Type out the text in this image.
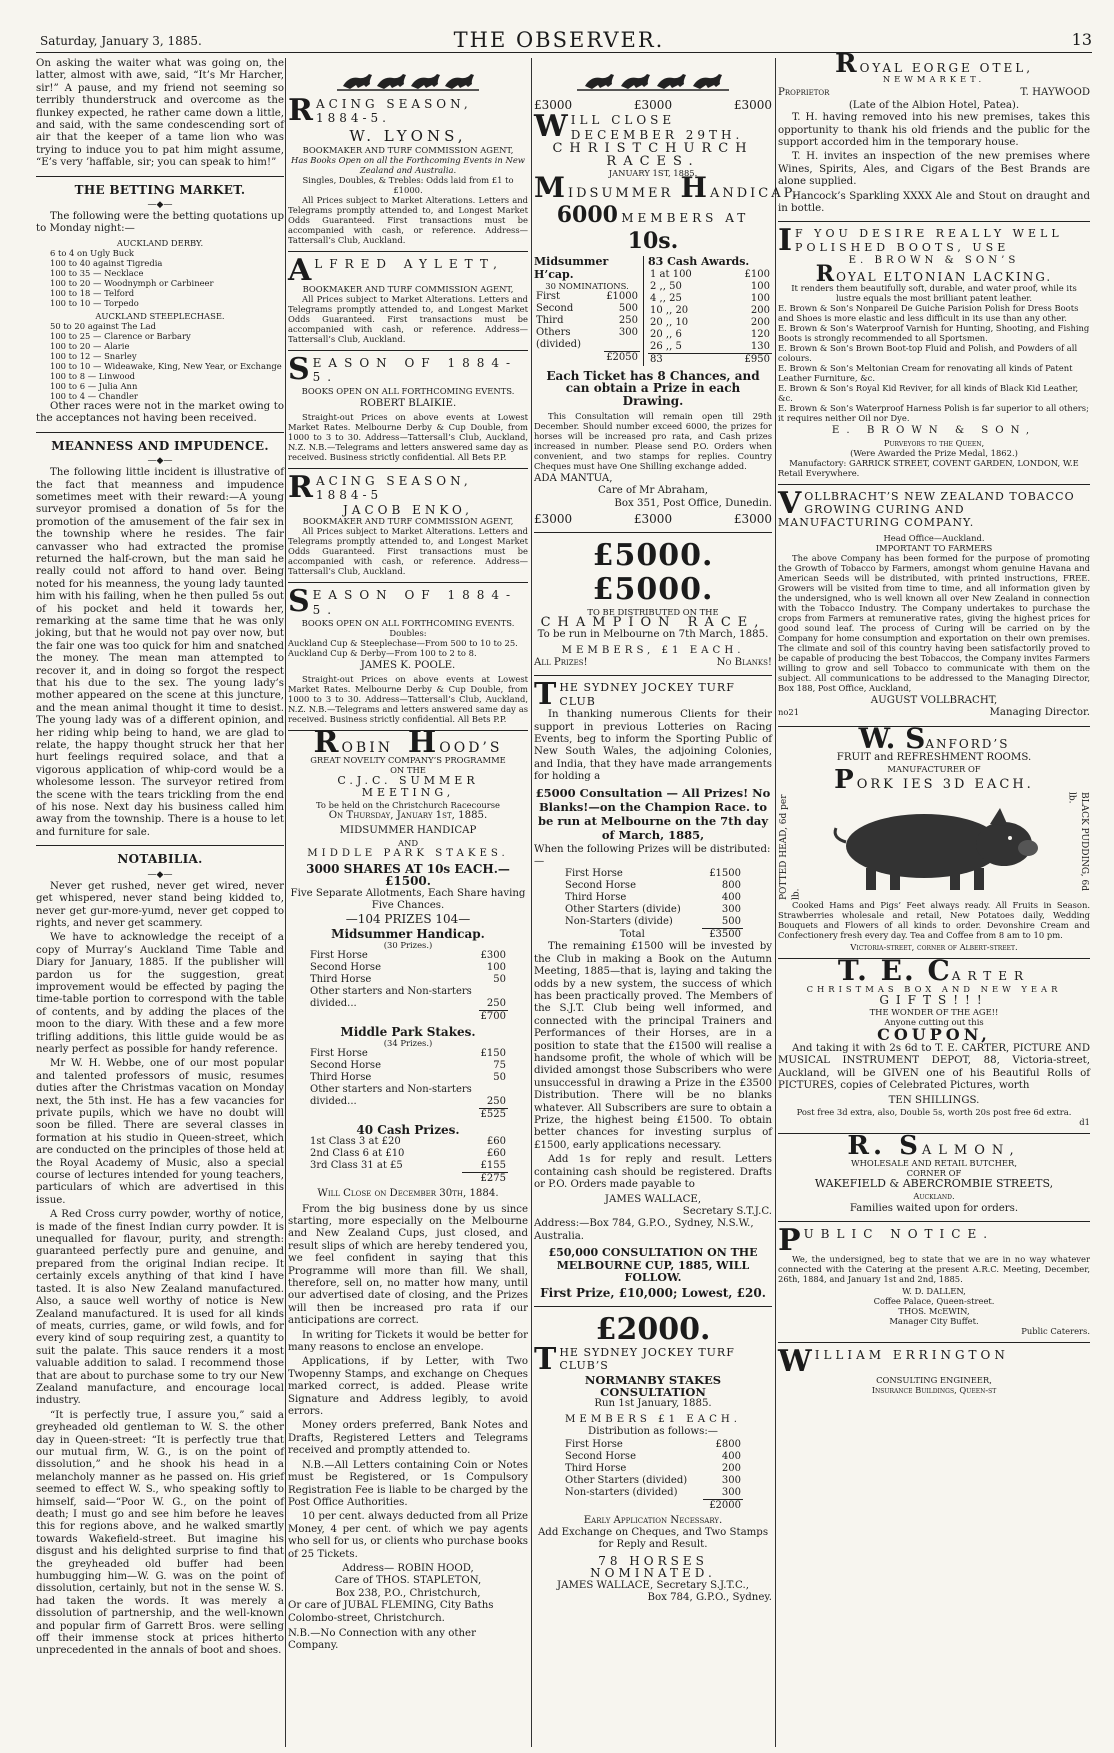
Saturday, January 3, 1885.	THE OBSERVER.	13

On asking the waiter what was going on, the latter, almost with awe, said, “It’s Mr Harcher, sir!” A pause, and my friend not seeming so terribly thunderstruck and overcome as the flunkey expected, he rather came down a little, and said, with the same condescending sort of air that the keeper of a tame lion who was trying to induce you to pat him might assume, “E’s very ’haffable, sir; you can speak to him!”

THE BETTING MARKET.
—◆—

The following were the betting quotations up to Monday night:—

AUCKLAND DERBY.
6 to 4 on Ugly Buck
100 to 40 against Tigredia
100 to 35 — Necklace
100 to 20 — Woodnymph or Carbineer
100 to 18 — Telford
100 to 10 — Torpedo
AUCKLAND STEEPLECHASE.
50 to 20 against The Lad
100 to 25 — Clarence or Barbary
100 to 20 — Alarie
100 to 12 — Snarley
100 to 10 — Wideawake, King, New Year, or Exchange
100 to 8 — Linwood
100 to 6 — Julia Ann
100 to 4 — Chandler

Other races were not in the market owing to the acceptances not having been received.

MEANNESS AND IMPUDENCE.
—◆—

The following little incident is illustrative of the fact that meanness and impudence sometimes meet with their reward:—A young surveyor promised a donation of 5s for the promotion of the amusement of the fair sex in the township where he resides. The fair canvasser who had extracted the promise returned the half-crown, but the man said he really could not afford to hand over. Being noted for his meanness, the young lady taunted him with his failing, when he then pulled 5s out of his pocket and held it towards her, remarking at the same time that he was only joking, but that he would not pay over now, but the fair one was too quick for him and snatched the money. The mean man attempted to recover it, and in doing so forgot the respect that his due to the sex. The young lady’s mother appeared on the scene at this juncture, and the mean animal thought it time to desist. The young lady was of a different opinion, and her riding whip being to hand, we are glad to relate, the happy thought struck her that her hurt feelings required solace, and that a vigorous application of whip-cord would be a wholesome lesson. The surveyor retired from the scene with the tears trickling from the end of his nose. Next day his business called him away from the township. There is a house to let and furniture for sale.

NOTABILIA.
—◆—

Never get rushed, never get wired, never get whispered, never stand being kidded to, never get gur-more-yumd, never get copped to rights, and never get scammery.

We have to acknowledge the receipt of a copy of Murray’s Auckland Time Table and Diary for January, 1885. If the publisher will pardon us for the suggestion, great improvement would be effected by paging the time-table portion to correspond with the table of contents, and by adding the places of the moon to the diary. With these and a few more trifling additions, this little guide would be as nearly perfect as possible for handy reference.

Mr W. H. Webbe, one of our most popular and talented professors of music, resumes duties after the Christmas vacation on Monday next, the 5th inst. He has a few vacancies for private pupils, which we have no doubt will soon be filled. There are several classes in formation at his studio in Queen-street, which are conducted on the principles of those held at the Royal Academy of Music, also a special course of lectures intended for young teachers, particulars of which are advertised in this issue.

A Red Cross curry powder, worthy of notice, is made of the finest Indian curry powder. It is unequalled for flavour, purity, and strength: guaranteed perfectly pure and genuine, and prepared from the original Indian recipe. It certainly excels anything of that kind I have tasted. It is also New Zealand manufactured. Also, a sauce well worthy of notice is New Zealand manufactured. It is used for all kinds of meats, curries, game, or wild fowls, and for every kind of soup requiring zest, a quantity to suit the palate. This sauce renders it a most valuable addition to salad. I recommend those that are about to purchase some to try our New Zealand manufacture, and encourage local industry.

“It is perfectly true, I assure you,” said a greyheaded old gentleman to W. S. the other day in Queen-street: “It is perfectly true that our mutual firm, W. G., is on the point of dissolution,” and he shook his head in a melancholy manner as he passed on. His grief seemed to effect W. S., who speaking softly to himself, said—“Poor W. G., on the point of death; I must go and see him before he leaves this for regions above, and he walked smartly towards Wakefield-street. But imagine his disgust and his delighted surprise to find that the greyheaded old buffer had been humbugging him—W. G. was on the point of dissolution, certainly, but not in the sense W. S. had taken the words. It was merely a dissolution of partnership, and the well-known and popular firm of Garrett Bros. were selling off their immense stock at prices hitherto unprecedented in the annals of boot and shoes.

RACING SEASON, 1884-5.
W. LYONS,
BOOKMAKER AND TURF COMMISSION AGENT,
Has Books Open on all the Forthcoming Events in New Zealand and Australia.
Singles, Doubles, & Trebles: Odds laid from £1 to £1000.

All Prices subject to Market Alterations. Letters and Telegrams promptly attended to, and Longest Market Odds Guaranteed. First transactions must be accompanied with cash, or reference. Address—Tattersall’s Club, Auckland.

ALFRED AYLETT,
BOOKMAKER AND TURF COMMISSION AGENT,

All Prices subject to Market Alterations. Letters and Telegrams promptly attended to, and Longest Market Odds Guaranteed. First transactions must be accompanied with cash, or reference. Address—Tattersall’s Club, Auckland.

SEASON OF 1884-5.
BOOKS OPEN ON ALL FORTHCOMING EVENTS.
ROBERT BLAIKIE.

Straight-out Prices on above events at Lowest Market Rates. Melbourne Derby & Cup Double, from 1000 to 3 to 30. Address—Tattersall’s Club, Auckland, N.Z. N.B.—Telegrams and letters answered same day as received. Business strictly confidential. All Bets P.P.

RACING SEASON, 1884-5
JACOB ENKO,
BOOKMAKER AND TURF COMMISSION AGENT,

All Prices subject to Market Alterations. Letters and Telegrams promptly attended to, and Longest Market Odds Guaranteed. First transactions must be accompanied with cash, or reference. Address—Tattersall’s Club, Auckland.

SEASON OF 1884-5.
BOOKS OPEN ON ALL FORTHCOMING EVENTS.
Doubles:
Auckland Cup & Steeplechase—From 500 to 10 to 25.
Auckland Cup & Derby—From 100 to 2 to 8.
JAMES K. POOLE.

Straight-out Prices on above events at Lowest Market Rates. Melbourne Derby & Cup Double, from 1000 to 3 to 30. Address—Tattersall’s Club, Auckland, N.Z. N.B.—Telegrams and letters answered same day as received. Business strictly confidential. All Bets P.P.

ROBIN HOOD’S
GREAT NOVELTY COMPANY’S PROGRAMME
ON THE
C.J.C. SUMMER MEETING,
To be held on the Christchurch Racecourse
On Thursday, January 1st, 1885.
MIDSUMMER HANDICAP
AND
MIDDLE PARK STAKES.
3000 SHARES AT 10s EACH.—£1500.
Five Separate Allotments, Each Share having Five Chances.
—104 PRIZES 104—
Midsummer Handicap.
(30 Prizes.)
First Horse	£300
Second Horse	100
Third Horse	50
Other starters and Non-starters divided...	250
	£700
Middle Park Stakes.
(34 Prizes.)
First Horse	£150
Second Horse	75
Third Horse	50
Other starters and Non-starters divided...	250
	£525
40 Cash Prizes.
1st Class 3 at £20	£60
2nd Class 6 at £10	£60
3rd Class 31 at £5	£155
	£275
Will Close on December 30th, 1884.

From the big business done by us since starting, more especially on the Melbourne and New Zealand Cups, just closed, and result slips of which are hereby tendered you, we feel confident in saying that this Programme will more than fill. We shall, therefore, sell on, no matter how many, until our advertised date of closing, and the Prizes will then be increased pro rata if our anticipations are correct.

In writing for Tickets it would be better for many reasons to enclose an envelope.

Applications, if by Letter, with Two Twopenny Stamps, and exchange on Cheques marked correct, is added. Please write Signature and Address legibly, to avoid errors.

Money orders preferred, Bank Notes and Drafts, Registered Letters and Telegrams received and promptly attended to.

N.B.—All Letters containing Coin or Notes must be Registered, or 1s Compulsory Registration Fee is liable to be charged by the Post Office Authorities.

10 per cent. always deducted from all Prize Money, 4 per cent. of which we pay agents who sell for us, or clients who purchase books of 25 Tickets.

Address— ROBIN HOOD,
Care of THOS. STAPLETON,
Box 238, P.O., Christchurch,
Or care of JUBAL FLEMING, City Baths Colombo-street, Christchurch.
N.B.—No Connection with any other Company.
£3000	£3000	£3000
WILL CLOSE DECEMBER 29TH.
CHRISTCHURCH RACES.
JANUARY 1ST, 1885.
MIDSUMMER HANDICAP.
6000 MEMBERS AT 10s.
Midsummer H’cap.
30 NOMINATIONS.
First	£1000
Second	500
Third	250
Others (divided)	300
	£2050
83 Cash Awards.
1 at 100	£100
2 ,, 50	100
4 ,, 25	100
10 ,, 20	200
20 ,, 10	200
20 ,, 6	120
26 ,, 5	130
83	£950
Each Ticket has 8 Chances, and can obtain a Prize in each Drawing.

This Consultation will remain open till 29th December. Should number exceed 6000, the prizes for horses will be increased pro rata, and Cash prizes increased in number. Please send P.O. Orders when convenient, and two stamps for replies. Country Cheques must have One Shilling exchange added.

ADA MANTUA,
Care of Mr Abraham,
Box 351, Post Office, Dunedin.
£3000	£3000	£3000
£5000. £5000.
TO BE DISTRIBUTED ON THE
CHAMPION RACE,
To be run in Melbourne on 7th March, 1885.
MEMBERS, £1 EACH.
All Prizes!	No Blanks!
THE SYDNEY JOCKEY TURF CLUB

In thanking numerous Clients for their support in previous Lotteries on Racing Events, beg to inform the Sporting Public of New South Wales, the adjoining Colonies, and India, that they have made arrangements for holding a

£5000 Consultation — All Prizes! No Blanks!—on the Champion Race. to be run at Melbourne on the 7th day of March, 1885,
When the following Prizes will be distributed:—
First Horse	£1500
Second Horse	800
Third Horse	400
Other Starters (divide)	300
Non-Starters (divide)	500
Total	£3500

The remaining £1500 will be invested by the Club in making a Book on the Autumn Meeting, 1885—that is, laying and taking the odds by a new system, the success of which has been practically proved. The Members of the S.J.T. Club being well informed, and connected with the principal Trainers and Performances of their Horses, are in a position to state that the £1500 will realise a handsome profit, the whole of which will be divided amongst those Subscribers who were unsuccessful in drawing a Prize in the £3500 Distribution. There will be no blanks whatever. All Subscribers are sure to obtain a Prize, the highest being £1500. To obtain better chances for investing surplus of £1500, early applications necessary.

Add 1s for reply and result. Letters containing cash should be registered. Drafts or P.O. Orders made payable to

JAMES WALLACE,
Secretary S.T.J.C.
Address:—Box 784, G.P.O., Sydney, N.S.W., Australia.
£50,000 CONSULTATION ON THE MELBOURNE CUP, 1885, WILL FOLLOW.
First Prize, £10,000; Lowest, £20.
£2000.
THE SYDNEY JOCKEY TURF CLUB’S
NORMANBY STAKES CONSULTATION
Run 1st January, 1885.
MEMBERS £1 EACH.
Distribution as follows:—
First Horse	£800
Second Horse	400
Third Horse	200
Other Starters (divided)	300
Non-starters (divided)	300
	£2000
Early Application Necessary.
Add Exchange on Cheques, and Two Stamps for Reply and Result.
78 HORSES NOMINATED.
JAMES WALLACE, Secretary S.J.T.C.,
Box 784, G.P.O., Sydney.
ROYAL EORGE OTEL,
NEWMARKET.
Proprietor	T. HAYWOOD
(Late of the Albion Hotel, Patea).

T. H. having removed into his new premises, takes this opportunity to thank his old friends and the public for the support accorded him in the temporary house.

T. H. invites an inspection of the new premises where Wines, Spirits, Ales, and Cigars of the Best Brands are alone supplied.

Hancock’s Sparkling XXXX Ale and Stout on draught and in bottle.

I F YOU DESIRE REALLY WELL POLISHED BOOTS, USE
E. BROWN & SON’S
ROYAL ELTONIAN LACKING.
It renders them beautifully soft, durable, and water proof, while its lustre equals the most brilliant patent leather.
E. Brown & Son’s Nonpareil De Guiche Parision Polish for Dress Boots and Shoes is more elastic and less difficult in its use than any other.
E. Brown & Son’s Waterproof Varnish for Hunting, Shooting, and Fishing Boots is strongly recommended to all Sportsmen.
E. Brown & Son’s Brown Boot-top Fluid and Polish, and Powders of all colours.
E. Brown & Son’s Meltonian Cream for renovating all kinds of Patent Leather Furniture, &c.
E. Brown & Son’s Royal Kid Reviver, for all kinds of Black Kid Leather, &c.
E. Brown & Son’s Waterproof Harness Polish is far superior to all others; it requires neither Oil nor Dye.
E. BROWN & SON,
Purveyors to the Queen,
(Were Awarded the Prize Medal, 1862.)
Manufactory: GARRICK STREET, COVENT GARDEN, LONDON, W.E
Retail Everywhere.
VOLLBRACHT’S NEW ZEALAND TOBACCO GROWING CURING AND MANUFACTURING COMPANY.
Head Office—Auckland.
IMPORTANT TO FARMERS

The above Company has been formed for the purpose of promoting the Growth of Tobacco by Farmers, amongst whom genuine Havana and American Seeds will be distributed, with printed instructions, FREE. Growers will be visited from time to time, and all information given by the undersigned, who is well known all over New Zealand in connection with the Tobacco Industry. The Company undertakes to purchase the crops from Farmers at remunerative rates, giving the highest prices for good sound leaf. The process of Curing will be carried on by the Company for home consumption and exportation on their own premises. The climate and soil of this country having been satisfactorily proved to be capable of producing the best Tobaccos, the Company invites Farmers willing to grow and sell Tobacco to communicate with them on the subject. All communications to be addressed to the Managing Director, Box 188, Post Office, Auckland,

AUGUST VOLLBRACHT,
no21	Managing Director.
W. SANFORD’S
FRUIT and REFRESHMENT ROOMS.
MANUFACTURER OF
PORK IES 3D EACH.
POTTED HEAD, 6d per lb.
BLACK PUDDING, 6d lb.

Cooked Hams and Pigs’ Feet always ready. All Fruits in Season. Strawberries wholesale and retail, New Potatoes daily, Wedding Bouquets and Flowers of all kinds to order. Devonshire Cream and Confectionery fresh every day. Tea and Coffee from 8 am to 10 pm.

Victoria-street, corner of Albert-street.
T. E. CARTER
CHRISTMAS BOX AND NEW YEAR
GIFTS!!!
THE WONDER OF THE AGE!!
Anyone cutting out this
COUPON,

And taking it with 2s 6d to T. E. CARTER, PICTURE AND MUSICAL INSTRUMENT DEPOT, 88, Victoria-street, Auckland, will be GIVEN one of his Beautiful Rolls of PICTURES, copies of Celebrated Pictures, worth

TEN SHILLINGS.
Post free 3d extra, also, Double 5s, worth 20s post free 6d extra.
d1
R. SALMON,
WHOLESALE AND RETAIL BUTCHER,
CORNER OF
WAKEFIELD & ABERCROMBIE STREETS,
Auckland.
Families waited upon for orders.
PUBLIC NOTICE.

We, the undersigned, beg to state that we are in no way whatever connected with the Catering at the present A.R.C. Meeting, December, 26th, 1884, and January 1st and 2nd, 1885.

W. D. DALLEN,
Coffee Palace, Queen-street.
THOS. McEWIN,
Manager City Buffet.
Public Caterers.
WILLIAM ERRINGTON
CONSULTING ENGINEER,
Insurance Buildings, Queen-st
